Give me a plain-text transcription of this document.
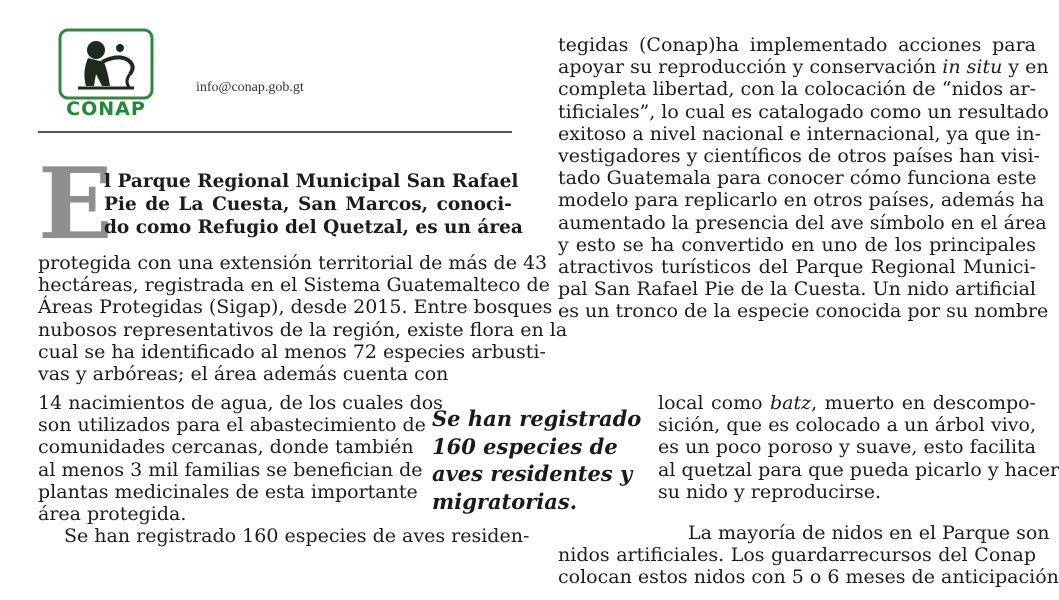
CONAP
info@conap.gob.gt
E
l Parque Regional Municipal San Rafael
Pie de La Cuesta, San Marcos, conoci-
do como Refugio del Quetzal, es un área
protegida con una extensión territorial de más de 43
hectáreas, registrada en el Sistema Guatemalteco de
Áreas Protegidas (Sigap), desde 2015. Entre bosques
nubosos representativos de la región, existe flora en la
cual se ha identificado al menos 72 especies arbusti-
vas y arbóreas; el área además cuenta con
14 nacimientos de agua, de los cuales dos
son utilizados para el abastecimiento de
comunidades cercanas, donde también
al menos 3 mil familias se benefician de
plantas medicinales de esta importante
área protegida.
Se han registrado 160 especies de aves residen-
Se han registrado
160 especies de
aves residentes y
migratorias.
tegidas (Conap)ha implementado acciones para
apoyar su reproducción y conservación in situ y en
completa libertad, con la colocación de “nidos ar-
tificiales”, lo cual es catalogado como un resultado
exitoso a nivel nacional e internacional, ya que in-
vestigadores y científicos de otros países han visi-
tado Guatemala para conocer cómo funciona este
modelo para replicarlo en otros países, además ha
aumentado la presencia del ave símbolo en el área
y esto se ha convertido en uno de los principales
atractivos turísticos del Parque Regional Munici-
pal San Rafael Pie de la Cuesta. Un nido artificial
es un tronco de la especie conocida por su nombre
local como batz, muerto en descompo-
sición, que es colocado a un árbol vivo,
es un poco poroso y suave, esto facilita
al quetzal para que pueda picarlo y hacer
su nido y reproducirse.
La mayoría de nidos en el Parque son
nidos artificiales. Los guardarrecursos del Conap
colocan estos nidos con 5 o 6 meses de anticipación
